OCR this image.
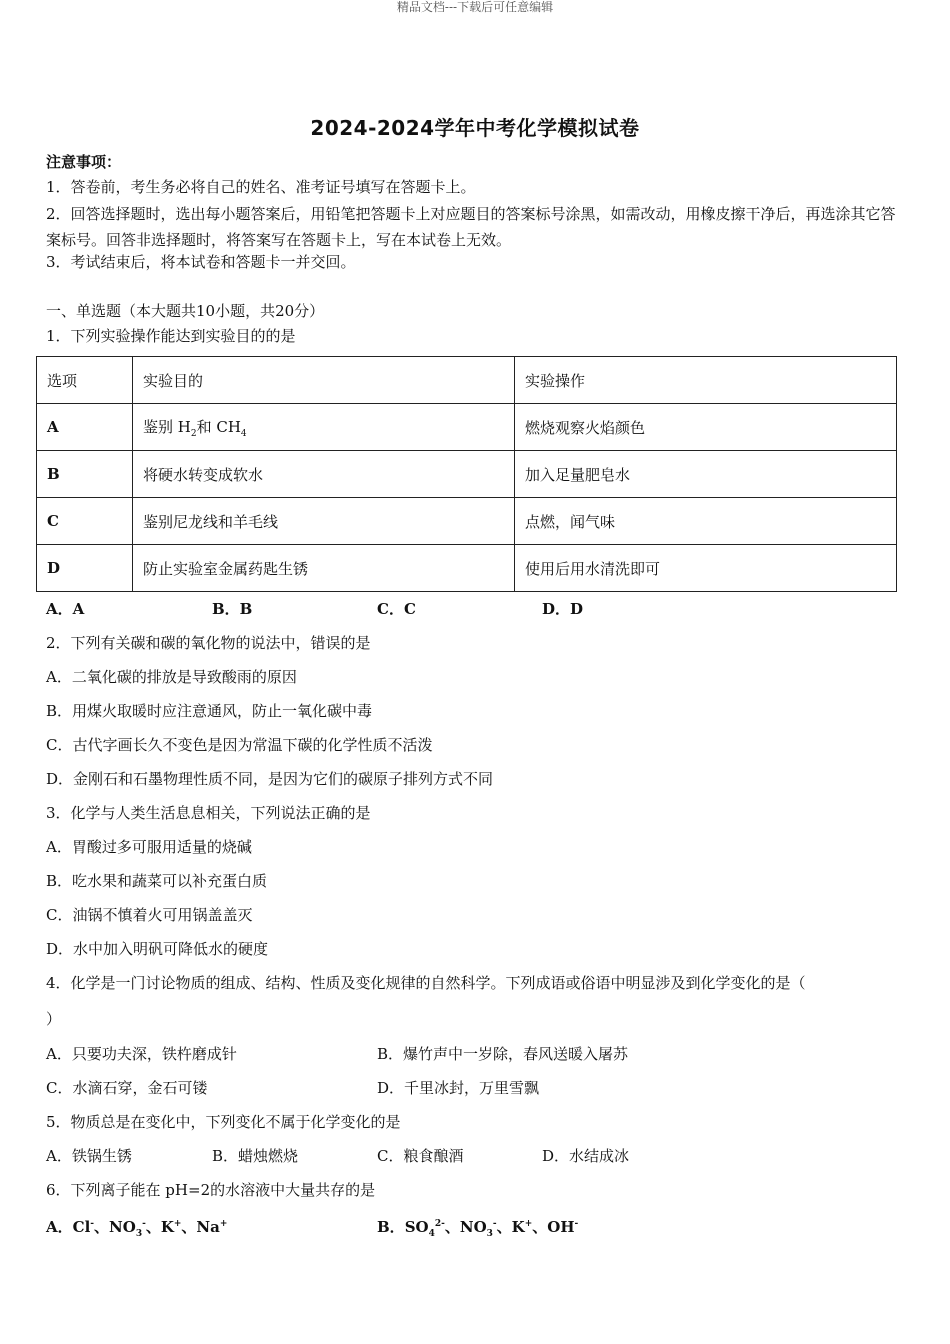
精品文档---下载后可任意编辑
2024-2024学年中考化学模拟试卷
注意事项：
1．答卷前，考生务必将自己的姓名、准考证号填写在答题卡上。
2．回答选择题时，选出每小题答案后，用铅笔把答题卡上对应题目的答案标号涂黑，如需改动，用橡皮擦干净后，再选涂其它答案标号。回答非选择题时，将答案写在答题卡上，写在本试卷上无效。
3．考试结束后，将本试卷和答题卡一并交回。
一、单选题（本大题共10小题，共20分）
1．下列实验操作能达到实验目的的是
选项	实验目的	实验操作
A	鉴别 $H_2$和 $CH_4$	燃烧观察火焰颜色
B	将硬水转变成软水	加入足量肥皂水
C	鉴别尼龙线和羊毛线	点燃，闻气味
D	防止实验室金属药匙生锈	使用后用水清洗即可
A．A	B．B	C．C	D．D
2．下列有关碳和碳的氧化物的说法中，错误的是
A．二氧化碳的排放是导致酸雨的原因
B．用煤火取暖时应注意通风，防止一氧化碳中毒
C．古代字画长久不变色是因为常温下碳的化学性质不活泼
D．金刚石和石墨物理性质不同，是因为它们的碳原子排列方式不同
3．化学与人类生活息息相关，下列说法正确的是
A．胃酸过多可服用适量的烧碱
B．吃水果和蔬菜可以补充蛋白质
C．油锅不慎着火可用锅盖盖灭
D．水中加入明矾可降低水的硬度
4．化学是一门讨论物质的组成、结构、性质及变化规律的自然科学。下列成语或俗语中明显涉及到化学变化的是（
）
A．只要功夫深，铁杵磨成针	B．爆竹声中一岁除，春风送暖入屠苏
C．水滴石穿，金石可镂	D．千里冰封，万里雪飘
5．物质总是在变化中，下列变化不属于化学变化的是
A．铁锅生锈	B．蜡烛燃烧	C．粮食酿酒	D．水结成冰
6．下列离子能在 pH=2的水溶液中大量共存的是
A．Cl-、$NO_3^-$、K+、Na+	B．$SO_4^{2-}$、$NO_3^-$、K+、OH-
